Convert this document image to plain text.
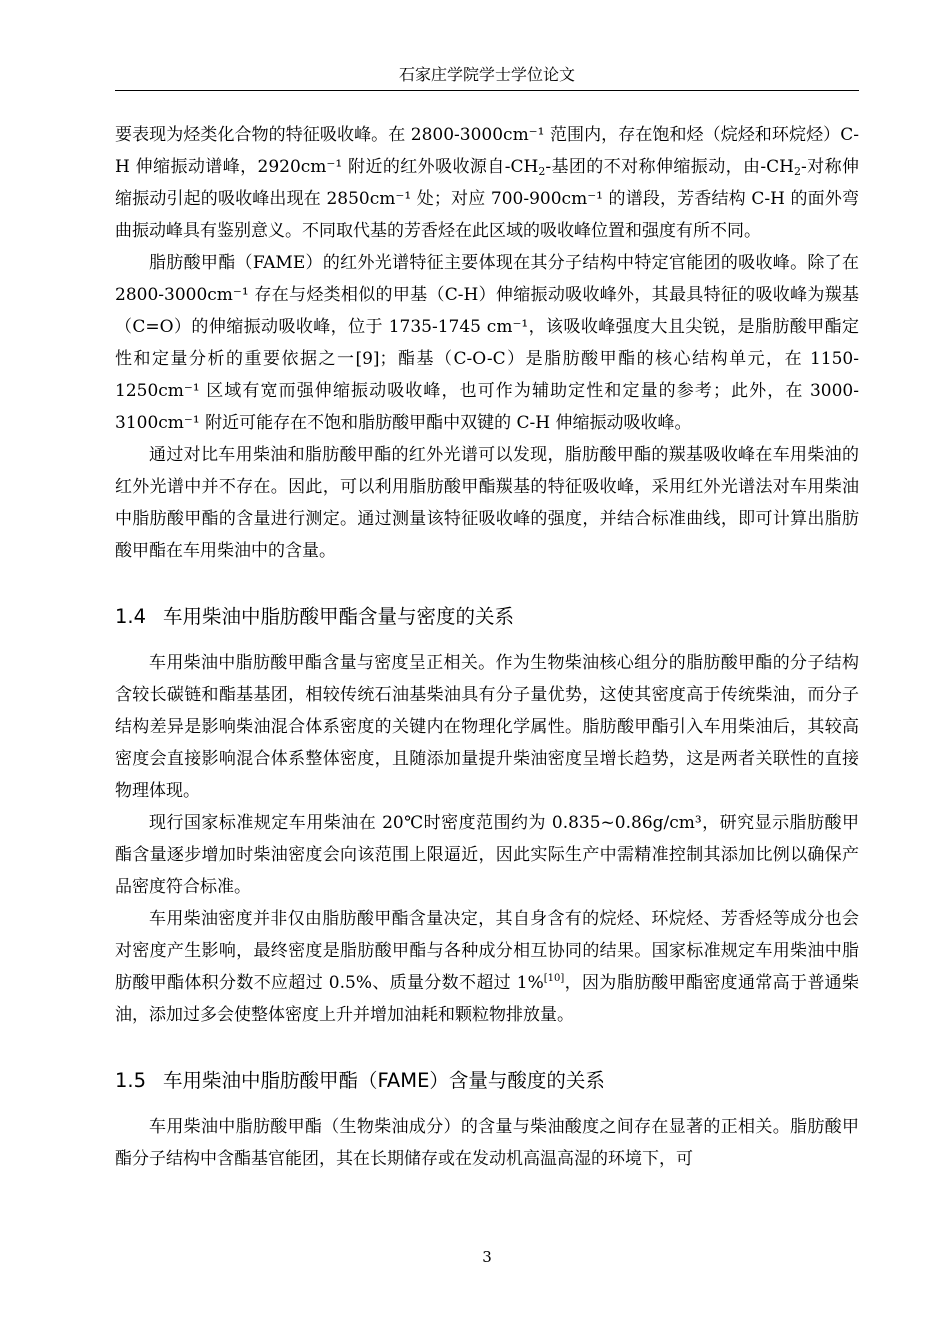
石家庄学院学士学位论文

要表现为烃类化合物的特征吸收峰。在 2800-3000cm⁻¹ 范围内，存在饱和烃（烷烃和环烷烃）C-H 伸缩振动谱峰，2920cm⁻¹ 附近的红外吸收源自$-CH_2-$基团的不对称伸缩振动，由$-CH_2-$对称伸缩振动引起的吸收峰出现在 2850cm⁻¹ 处；对应 700-900cm⁻¹ 的谱段，芳香结构 C-H 的面外弯曲振动峰具有鉴别意义。不同取代基的芳香烃在此区域的吸收峰位置和强度有所不同。

脂肪酸甲酯（FAME）的红外光谱特征主要体现在其分子结构中特定官能团的吸收峰。除了在 2800-3000cm⁻¹ 存在与烃类相似的甲基（C-H）伸缩振动吸收峰外，其最具特征的吸收峰为羰基（C=O）的伸缩振动吸收峰，位于 1735-1745 cm⁻¹，该吸收峰强度大且尖锐，是脂肪酸甲酯定性和定量分析的重要依据之一[9]；酯基（C-O-C）是脂肪酸甲酯的核心结构单元，在 1150-1250cm⁻¹ 区域有宽而强伸缩振动吸收峰，也可作为辅助定性和定量的参考；此外，在 3000-3100cm⁻¹ 附近可能存在不饱和脂肪酸甲酯中双键的 C-H 伸缩振动吸收峰。

通过对比车用柴油和脂肪酸甲酯的红外光谱可以发现，脂肪酸甲酯的羰基吸收峰在车用柴油的红外光谱中并不存在。因此，可以利用脂肪酸甲酯羰基的特征吸收峰，采用红外光谱法对车用柴油中脂肪酸甲酯的含量进行测定。通过测量该特征吸收峰的强度，并结合标准曲线，即可计算出脂肪酸甲酯在车用柴油中的含量。

1.4 车用柴油中脂肪酸甲酯含量与密度的关系

车用柴油中脂肪酸甲酯含量与密度呈正相关。作为生物柴油核心组分的脂肪酸甲酯的分子结构含较长碳链和酯基基团，相较传统石油基柴油具有分子量优势，这使其密度高于传统柴油，而分子结构差异是影响柴油混合体系密度的关键内在物理化学属性。脂肪酸甲酯引入车用柴油后，其较高密度会直接影响混合体系整体密度，且随添加量提升柴油密度呈增长趋势，这是两者关联性的直接物理体现。

现行国家标准规定车用柴油在 20℃时密度范围约为 0.835~0.86g/cm³，研究显示脂肪酸甲酯含量逐步增加时柴油密度会向该范围上限逼近，因此实际生产中需精准控制其添加比例以确保产品密度符合标准。

车用柴油密度并非仅由脂肪酸甲酯含量决定，其自身含有的烷烃、环烷烃、芳香烃等成分也会对密度产生影响，最终密度是脂肪酸甲酯与各种成分相互协同的结果。国家标准规定车用柴油中脂肪酸甲酯体积分数不应超过 0.5%、质量分数不超过 1%[10]，因为脂肪酸甲酯密度通常高于普通柴油，添加过多会使整体密度上升并增加油耗和颗粒物排放量。

1.5 车用柴油中脂肪酸甲酯（FAME）含量与酸度的关系

车用柴油中脂肪酸甲酯（生物柴油成分）的含量与柴油酸度之间存在显著的正相关。脂肪酸甲酯分子结构中含酯基官能团，其在长期储存或在发动机高温高湿的环境下，可

3
